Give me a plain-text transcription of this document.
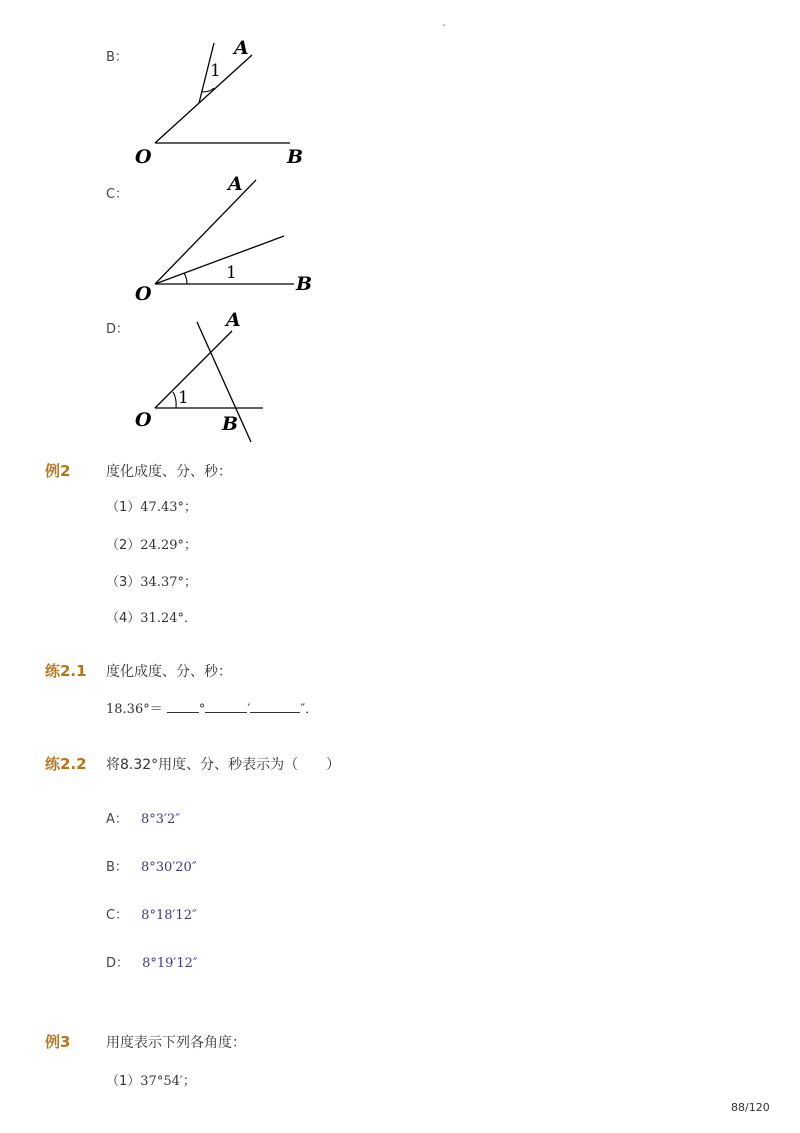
-
B：
1
A
O	B
C：
1
A
O	B
D：
1
A
O	B
例2	度化成度、分、秒：
（1）47.43°；
（2）24.29°；
（3）34.37°；
（4）31.24°．
练2.1 度化成度、分、秒：
18.36°＝	°	′	″．
练2.2 将8.32°用度、分、秒表示为（　　）
A： 8°3′2″
B： 8°30′20″
C： 8°18′12″
D： 8°19′12″
例3	用度表示下列各角度：
（1）37°54′；
88/120
